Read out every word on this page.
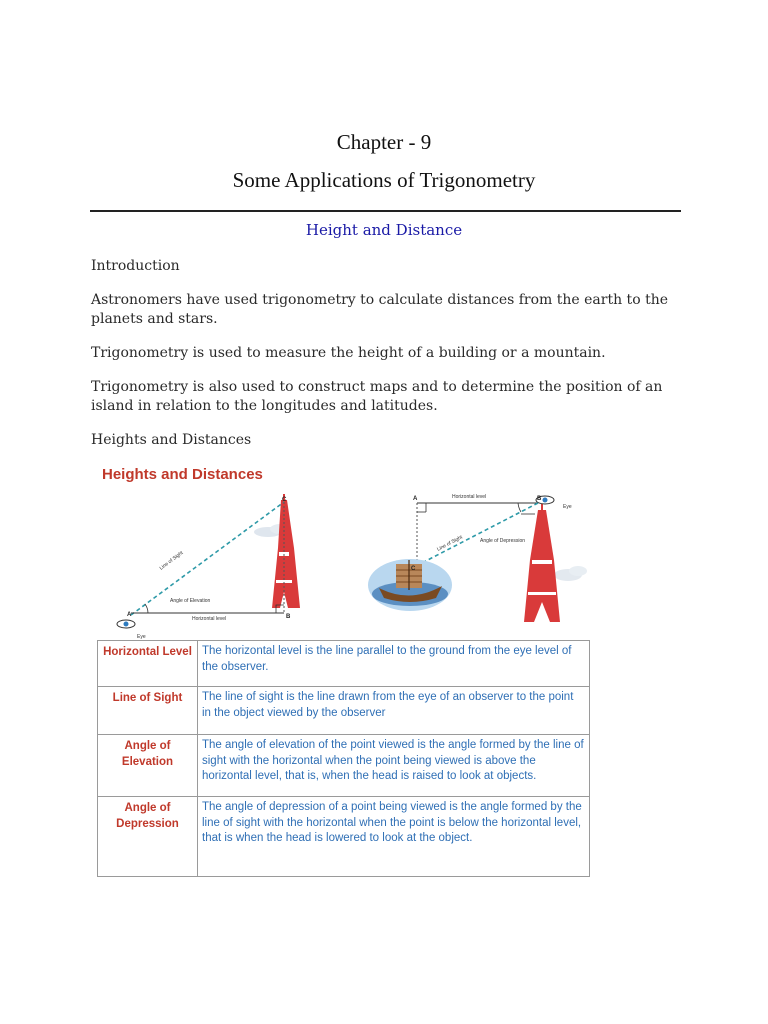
Chapter - 9
Some Applications of Trigonometry
Height and Distance
Introduction
Astronomers have used trigonometry to calculate distances from the earth to the planets and stars.
Trigonometry is used to measure the height of a building or a mountain.
Trigonometry is also used to construct maps and to determine the position of an island in relation to the longitudes and latitudes.
Heights and Distances
Line of Sight
Angle of Elevation
Horizontal level
A	B
C
Eye
Horizontal level
Line of Sight	Angle of Depression
Eye
A	B
C
Heights and Distances
Horizontal Level	The horizontal level is the line parallel to the ground from the eye level of the observer.
Line of Sight	The line of sight is the line drawn from the eye of an observer to the point in the object viewed by the observer
Angle of Elevation	The angle of elevation of the point viewed is the angle formed by the line of sight with the horizontal when the point being viewed is above the horizontal level, that is, when the head is raised to look at objects.
Angle of Depression	The angle of depression of a point being viewed is the angle formed by the line of sight with the horizontal when the point is below the horizontal level, that is when the head is lowered to look at the object.
